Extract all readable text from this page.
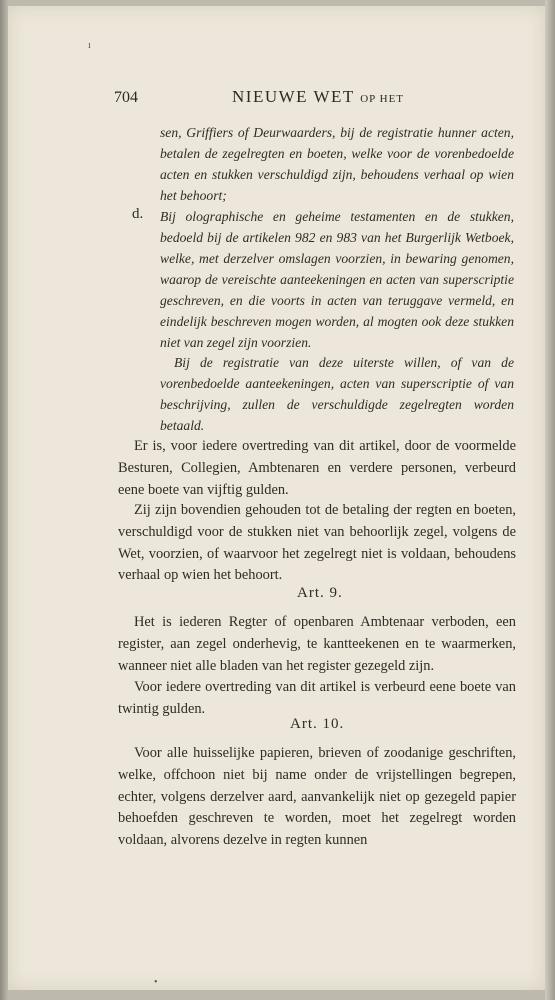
ı
•
704	NIEUWE WET OP HET
sen, Griffiers of Deurwaarders, bij de registratie hunner acten, betalen de zegelregten en boeten, welke voor de vorenbedoelde acten en stukken verschuldigd zijn, behoudens verhaal op wien het behoort;
d. Bij olographische en geheime testamenten en de stukken, bedoeld bij de artikelen 982 en 983 van het Burgerlijk Wetboek, welke, met derzelver omslagen voorzien, in bewaring genomen, waarop de vereischte aanteekeningen en acten van superscriptie geschreven, en die voorts in acten van teruggave vermeld, en eindelijk beschreven mogen worden, al mogten ook deze stukken niet van zegel zijn voorzien.
Bij de registratie van deze uiterste willen, of van de vorenbedoelde aanteekeningen, acten van superscriptie of van beschrijving, zullen de verschuldigde zegelregten worden betaald.
Er is, voor iedere overtreding van dit artikel, door de voormelde Besturen, Collegien, Ambtenaren en verdere personen, verbeurd eene boete van vijftig gulden.
Zij zijn bovendien gehouden tot de betaling der regten en boeten, verschuldigd voor de stukken niet van behoorlijk zegel, volgens de Wet, voorzien, of waarvoor het zegelregt niet is voldaan, behoudens verhaal op wien het behoort.
Art. 9.
Het is iederen Regter of openbaren Ambtenaar verboden, een register, aan zegel onderhevig, te kantteekenen en te waarmerken, wanneer niet alle bladen van het register gezegeld zijn.
Voor iedere overtreding van dit artikel is verbeurd eene boete van twintig gulden.
Art. 10.
Voor alle huisselijke papieren, brieven of zoodanige geschriften, welke, offchoon niet bij name onder de vrijstellingen begrepen, echter, volgens derzelver aard, aanvankelijk niet op gezegeld papier behoefden geschreven te worden, moet het zegelregt worden voldaan, alvorens dezelve in regten kunnen
